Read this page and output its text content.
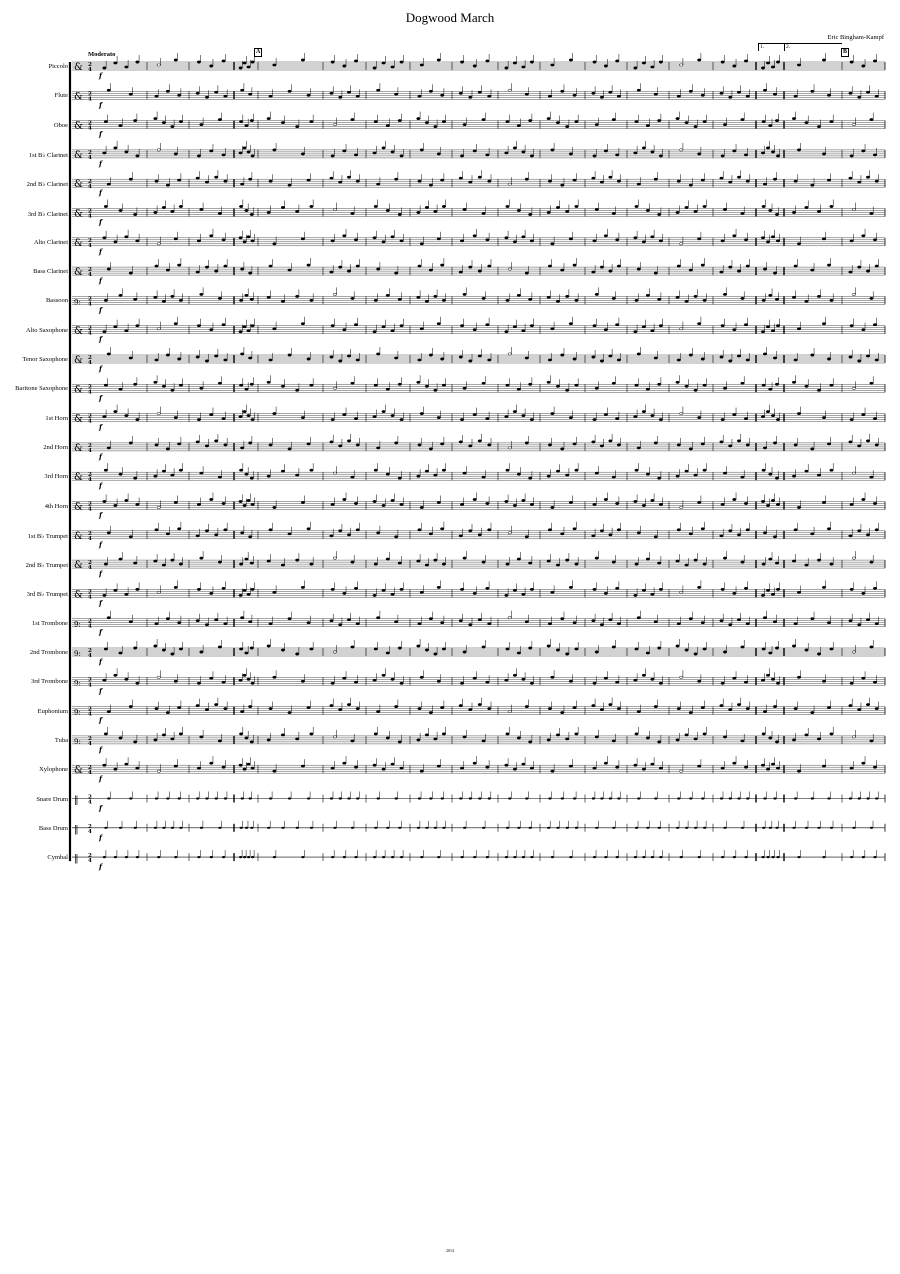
Dogwood March
Eric Bingham-Kampf
Moderato	A	B
1.	2.
Piccolo
Flute
Oboe
1st B♭ Clarinet
2nd B♭ Clarinet
3rd B♭ Clarinet
Alto Clarinet
Bass Clarinet
Bassoon
Alto Saxophone
Tenor Saxophone
Baritone Saxophone
1st Horn
2nd Horn
3rd Horn
4th Horn
1st B♭ Trumpet
2nd B♭ Trumpet
3rd B♭ Trumpet
1st Trombone
2nd Trombone
3rd Trombone
Euphonium
Tuba
Xylophone
Snare Drum
Bass Drum
Cymbal
& 2
4
f
& 2
4
f
& 2
4
f
& 2
4
f
& 2
4
f
& 2
4
f
& 2
4
f
& 2
4
f
9: 2
4
f
& 2
4
f
& 2
4
f
& 2
4
f
& 2
4
f
& 2
4
f
& 2
4
f
& 2
4
f
& 2
4
f
& 2
4
f
& 2
4
f
9: 2
4
f
9: 2
4
f
9: 2
4
f
9: 2
4
f
9: 2
4
f
& 2
4
f
‖ 2
4
f
‖ 2
4
f
‖ 2
4
f
2014
